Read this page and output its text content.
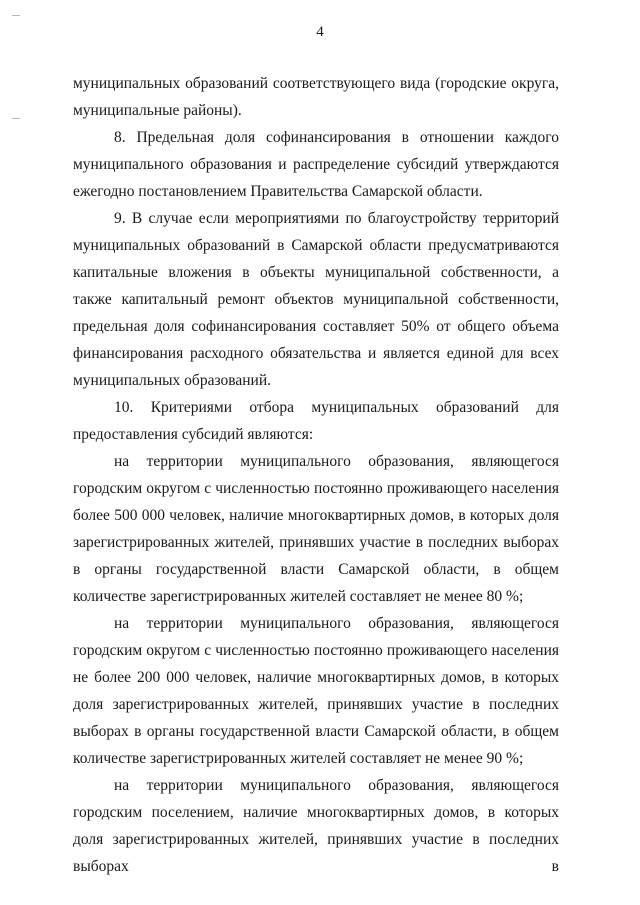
4

муниципальных образований соответствующего вида (городские округа, муниципальные районы).

8. Предельная доля софинансирования в отношении каждого муниципального образования и распределение субсидий утверждаются ежегодно постановлением Правительства Самарской области.

9. В случае если мероприятиями по благоустройству территорий муниципальных образований в Самарской области предусматриваются капитальные вложения в объекты муниципальной собственности, а также капитальный ремонт объектов муниципальной собственности, предельная доля софинансирования составляет 50% от общего объема финансирования расходного обязательства и является единой для всех муниципальных образований.

10. Критериями отбора муниципальных образований для предоставления субсидий являются:

на территории муниципального образования, являющегося городским округом с численностью постоянно проживающего населения более 500 000 человек, наличие многоквартирных домов, в которых доля зарегистрированных жителей, принявших участие в последних выборах в органы государственной власти Самарской области, в общем количестве зарегистрированных жителей составляет не менее 80 %;

на территории муниципального образования, являющегося городским округом с численностью постоянно проживающего населения не более 200 000 человек, наличие многоквартирных домов, в которых доля зарегистрированных жителей, принявших участие в последних выборах в органы государственной власти Самарской области, в общем количестве зарегистрированных жителей составляет не менее 90 %;

на территории муниципального образования, являющегося городским поселением, наличие многоквартирных домов, в которых доля зарегистрированных жителей, принявших участие в последних выборах в
